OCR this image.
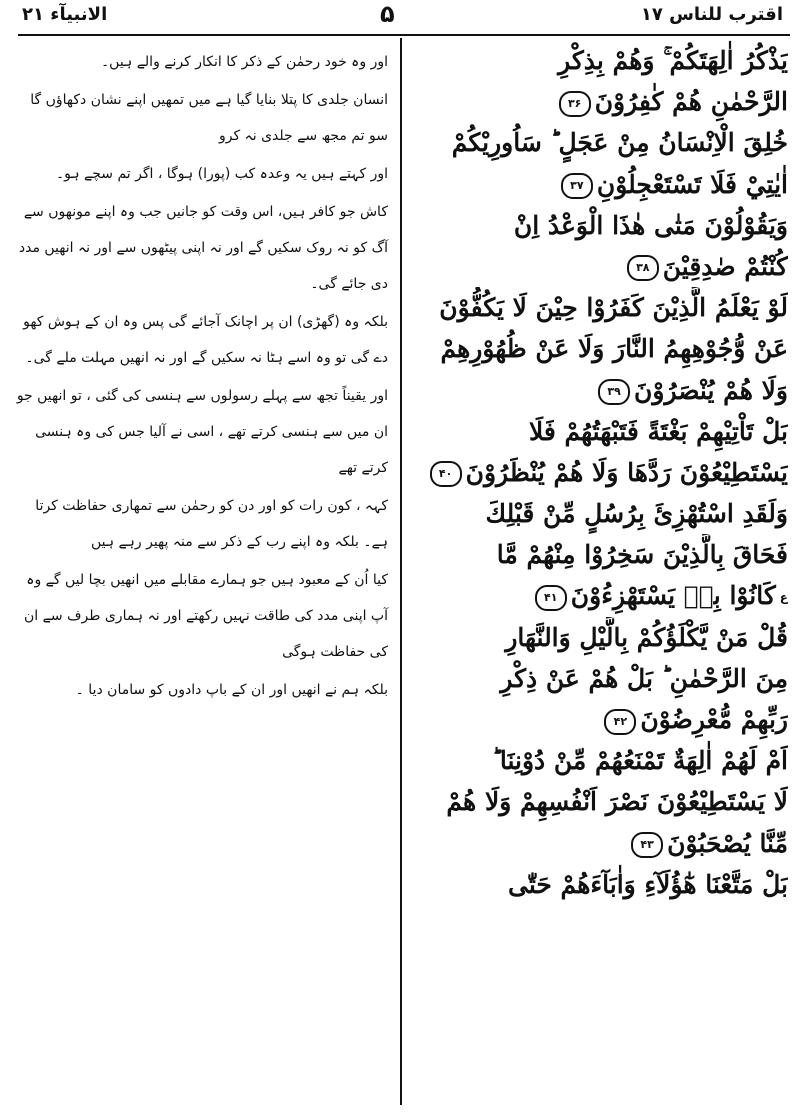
الانبیآء ۲۱	۵	اقترب للناس ۱۷
اور وہ خود رحمٰن کے ذکر کا انکار کرنے والے ہیں۔
انسان جلدی کا پتلا بنایا گیا ہے میں تمھیں اپنے نشان دکھاؤں گا سو تم مجھ سے جلدی نہ کرو
اور کہتے ہیں یہ وعدہ کب (پورا) ہوگا ، اگر تم سچے ہو۔
کاش جو کافر ہیں، اس وقت کو جانیں جب وہ اپنے مونھوں سے آگ کو نہ روک سکیں گے اور نہ اپنی پیٹھوں سے اور نہ انھیں مدد دی جائے گی۔
بلکہ وہ (گھڑی) ان پر اچانک آجائے گی پس وہ ان کے ہوش کھو دے گی تو وہ اسے ہٹا نہ سکیں گے اور نہ انھیں مہلت ملے گی۔
اور یقیناً تجھ سے پہلے رسولوں سے ہنسی کی گئی ، تو انھیں جو ان میں سے ہنسی کرتے تھے ، اسی نے آلیا جس کی وہ ہنسی کرتے تھے
کہہ ، کون رات کو اور دن کو رحمٰن سے تمھاری حفاظت کرتا ہے۔ بلکہ وہ اپنے رب کے ذکر سے منہ پھیر رہے ہیں
کیا اُن کے معبود ہیں جو ہمارے مقابلے میں انھیں بچا لیں گے وہ آپ اپنی مدد کی طاقت نہیں رکھتے اور نہ ہماری طرف سے ان کی حفاظت ہوگی
بلکہ ہم نے انھیں اور ان کے باپ دادوں کو سامان دیا ۔
يَذْكُرُ اٰلِهَتَكُمْ ۚ وَهُمْ بِذِكْرِ
الرَّحْمٰنِ هُمْ كٰفِرُوْنَ۳۶
خُلِقَ الْاِنْسَانُ مِنْ عَجَلٍ ؕ سَاُورِيْكُمْ
اٰيٰتِيْ فَلَا تَسْتَعْجِلُوْنِ۳۷
وَيَقُوْلُوْنَ مَتٰى هٰذَا الْوَعْدُ اِنْ
كُنْتُمْ صٰدِقِيْنَ۳۸
لَوْ يَعْلَمُ الَّذِيْنَ كَفَرُوْا حِيْنَ لَا يَكُفُّوْنَ
عَنْ وُّجُوْهِهِمُ النَّارَ وَلَا عَنْ ظُهُوْرِهِمْ
وَلَا هُمْ يُنْصَرُوْنَ۳۹
بَلْ تَاْتِيْهِمْ بَغْتَةً فَتَبْهَتُهُمْ فَلَا
يَسْتَطِيْعُوْنَ رَدَّهَا وَلَا هُمْ يُنْظَرُوْنَ۴۰
وَلَقَدِ اسْتُهْزِئَ بِرُسُلٍ مِّنْ قَبْلِكَ
فَحَاقَ بِالَّذِيْنَ سَخِرُوْا مِنْهُمْ مَّا
عكَانُوْا بِهٖ يَسْتَهْزِءُوْنَ۴۱
قُلْ مَنْ يَّكْلَؤُكُمْ بِالَّيْلِ وَالنَّهَارِ
مِنَ الرَّحْمٰنِ ؕ بَلْ هُمْ عَنْ ذِكْرِ
رَبِّهِمْ مُّعْرِضُوْنَ۴۲
اَمْ لَهُمْ اٰلِهَةٌ تَمْنَعُهُمْ مِّنْ دُوْنِنَا ؕ
لَا يَسْتَطِيْعُوْنَ نَصْرَ اَنْفُسِهِمْ وَلَا هُمْ
مِّنَّا يُصْحَبُوْنَ۴۳
بَلْ مَتَّعْنَا هٰٓؤُلَآءِ وَاٰبَآءَهُمْ حَتّٰى
